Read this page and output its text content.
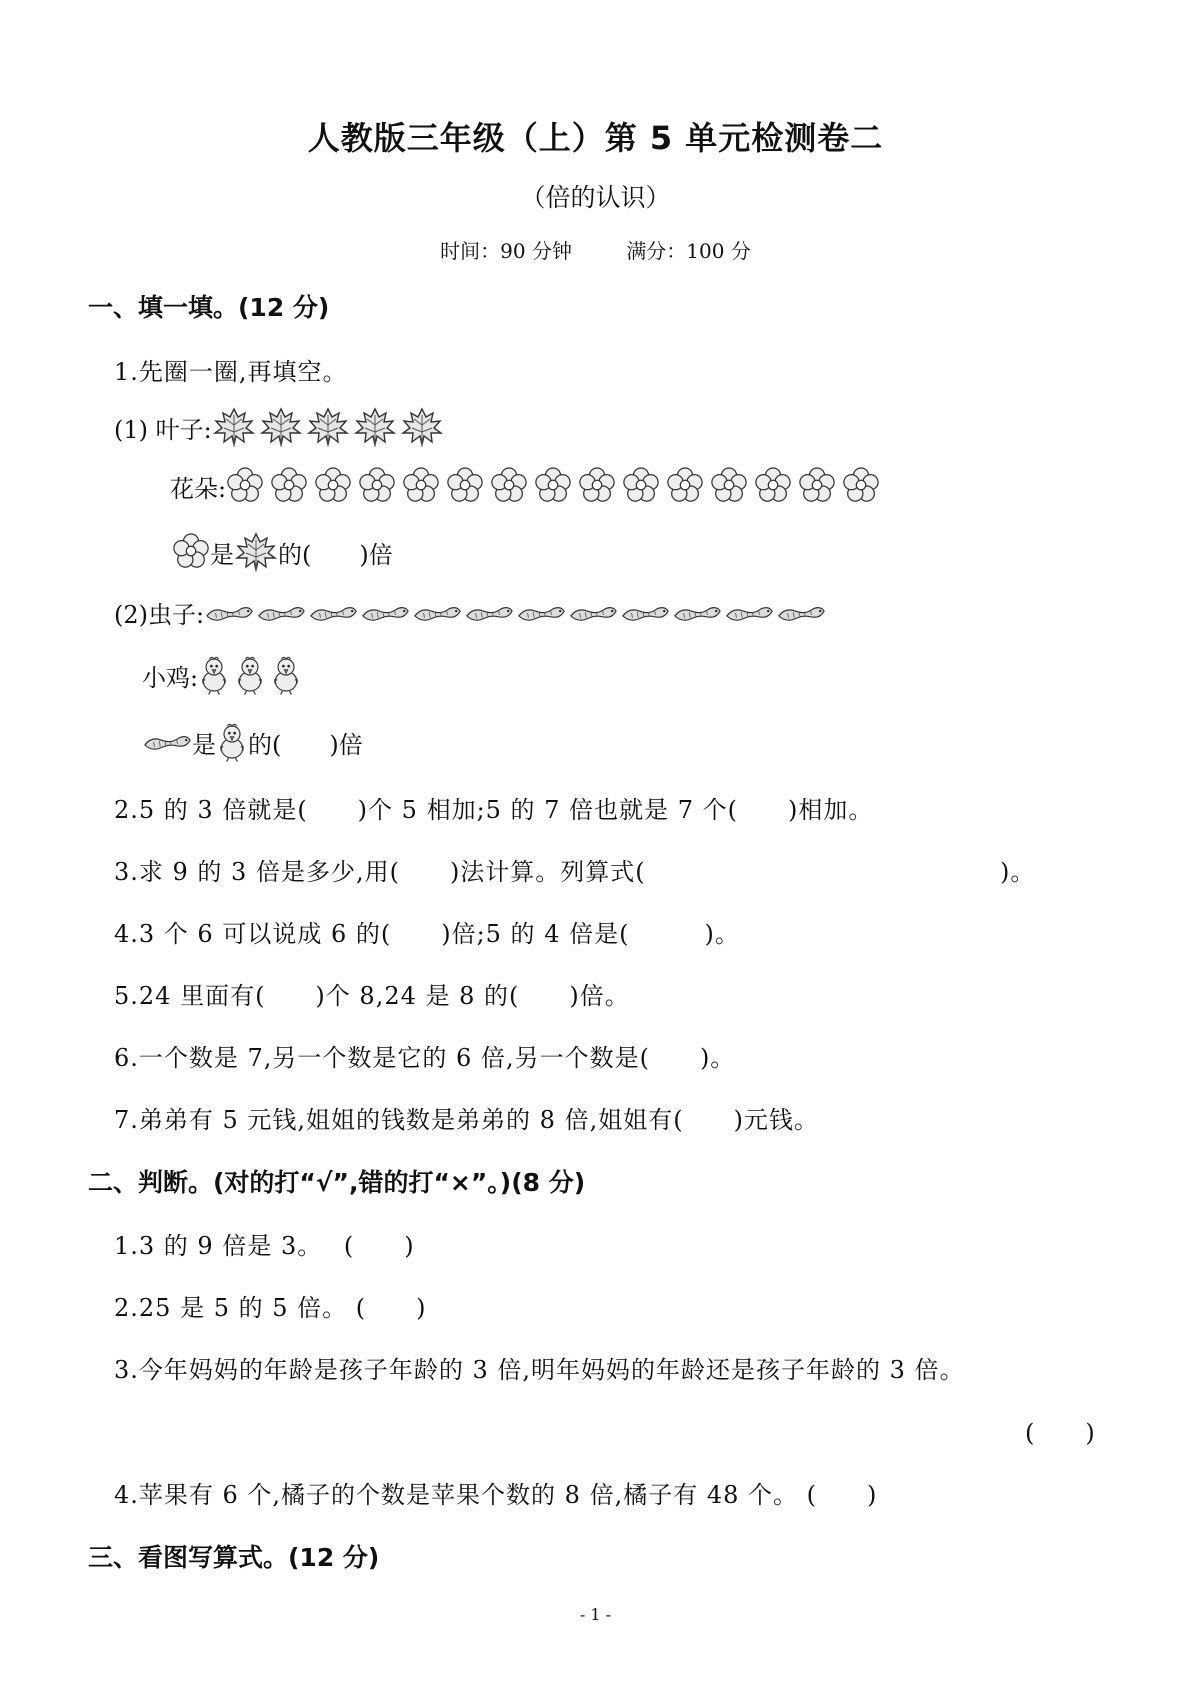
人教版三年级（上）第 5 单元检测卷二
（倍的认识）
时间：90 分钟	满分：100 分
一、填一填。(12 分)
1.先圈一圈,再填空。
(1) 叶子:
花朵:
是 的(　　)倍
(2)虫子:
小鸡:
是 的(　　)倍
2.5 的 3 倍就是(　　)个 5 相加;5 的 7 倍也就是 7 个(　　)相加。
3.求 9 的 3 倍是多少,用(　　)法计算。列算式(	)。
4.3 个 6 可以说成 6 的(　　)倍;5 的 4 倍是(　　　)。
5.24 里面有(　　)个 8,24 是 8 的(　　)倍。
6.一个数是 7,另一个数是它的 6 倍,另一个数是(　　)。
7.弟弟有 5 元钱,姐姐的钱数是弟弟的 8 倍,姐姐有(　　)元钱。
二、判断。(对的打“√”,错的打“×”。)(8 分)
1.3 的 9 倍是 3。　 (　　)
2.25 是 5 的 5 倍。 (　　)
3.今年妈妈的年龄是孩子年龄的 3 倍,明年妈妈的年龄还是孩子年龄的 3 倍。
(　　)
4.苹果有 6 个,橘子的个数是苹果个数的 8 倍,橘子有 48 个。 (　　)
三、看图写算式。(12 分)
- 1 -
